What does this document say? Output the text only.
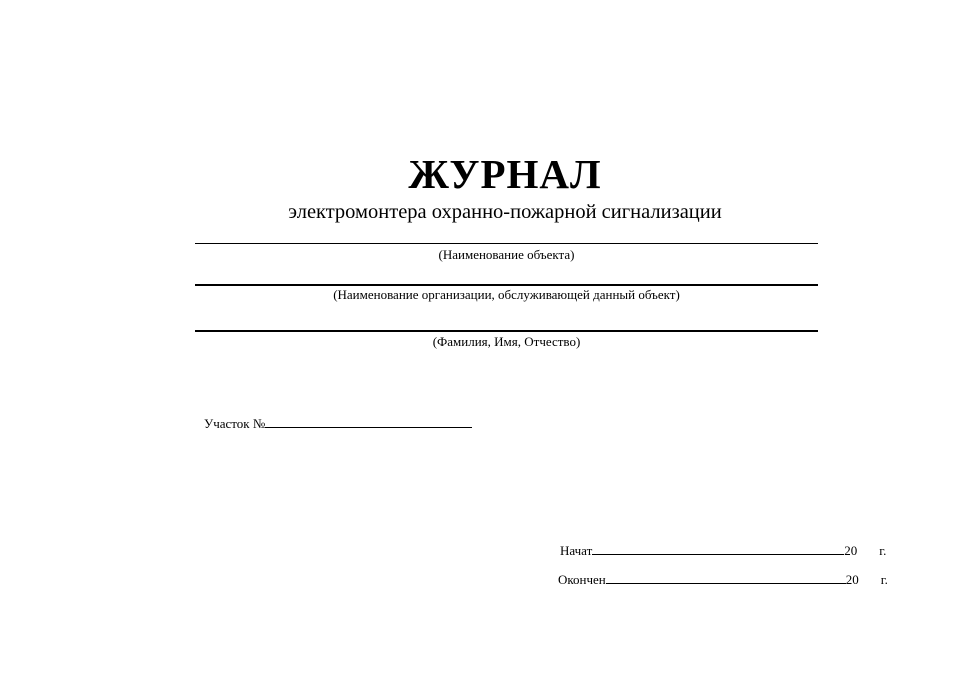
ЖУРНАЛ
электромонтера охранно-пожарной сигнализации
(Наименование объекта)
(Наименование организации, обслуживающей данный объект)
(Фамилия, Имя, Отчество)
Участок №
Начат	20 г.
Окончен	20 г.
